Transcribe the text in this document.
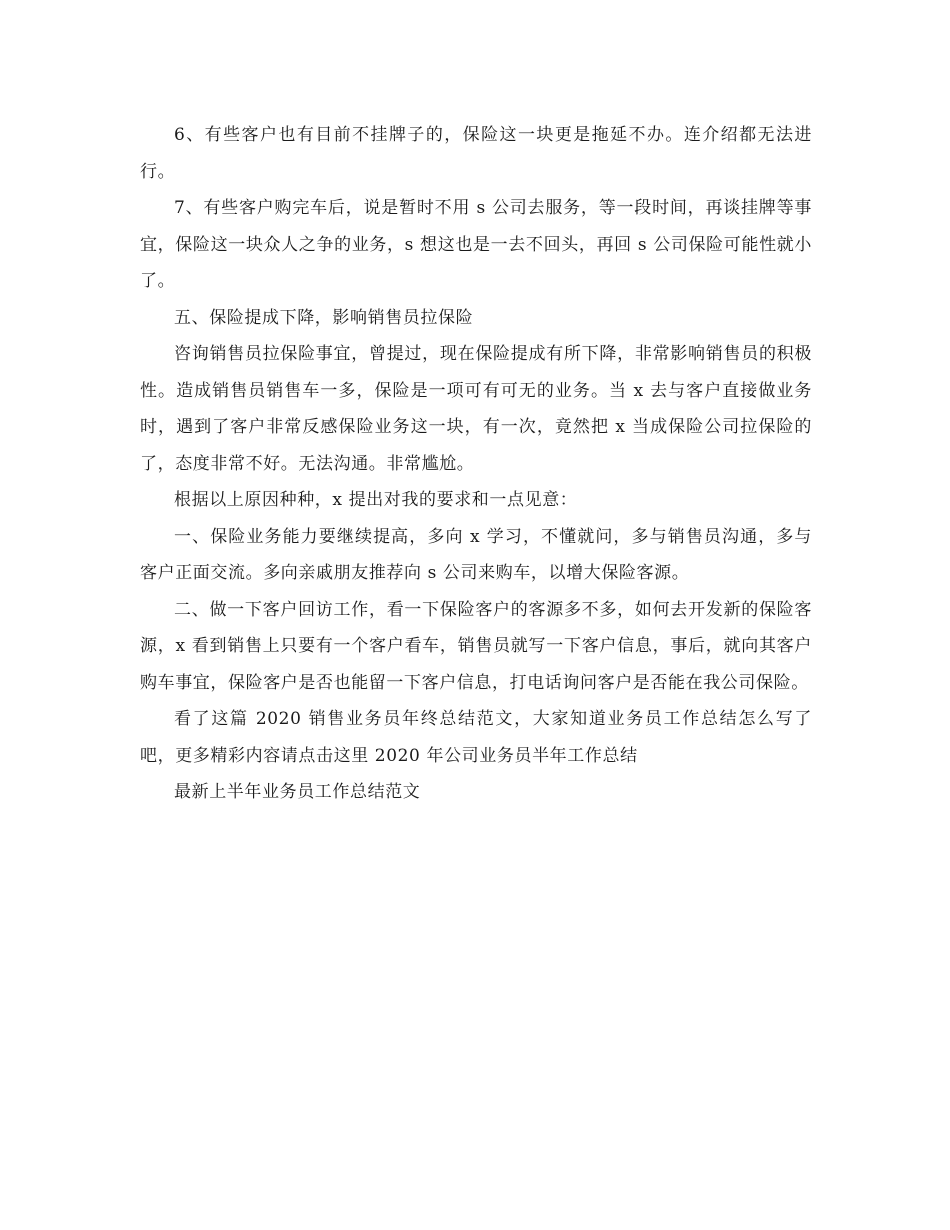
6、有些客户也有目前不挂牌子的，保险这一块更是拖延不办。连介绍都无法进行。

7、有些客户购完车后，说是暂时不用 s 公司去服务，等一段时间，再谈挂牌等事宜，保险这一块众人之争的业务，s 想这也是一去不回头，再回 s 公司保险可能性就小了。

五、保险提成下降，影响销售员拉保险

咨询销售员拉保险事宜，曾提过，现在保险提成有所下降，非常影响销售员的积极性。造成销售员销售车一多，保险是一项可有可无的业务。当 x 去与客户直接做业务时，遇到了客户非常反感保险业务这一块，有一次，竟然把 x 当成保险公司拉保险的了，态度非常不好。无法沟通。非常尴尬。

根据以上原因种种，x 提出对我的要求和一点见意：

一、保险业务能力要继续提高，多向 x 学习，不懂就问，多与销售员沟通，多与客户正面交流。多向亲戚朋友推荐向 s 公司来购车，以增大保险客源。

二、做一下客户回访工作，看一下保险客户的客源多不多，如何去开发新的保险客源，x 看到销售上只要有一个客户看车，销售员就写一下客户信息，事后，就向其客户购车事宜，保险客户是否也能留一下客户信息，打电话询问客户是否能在我公司保险。

看了这篇 2020 销售业务员年终总结范文，大家知道业务员工作总结怎么写了吧，更多精彩内容请点击这里 2020 年公司业务员半年工作总结

最新上半年业务员工作总结范文
